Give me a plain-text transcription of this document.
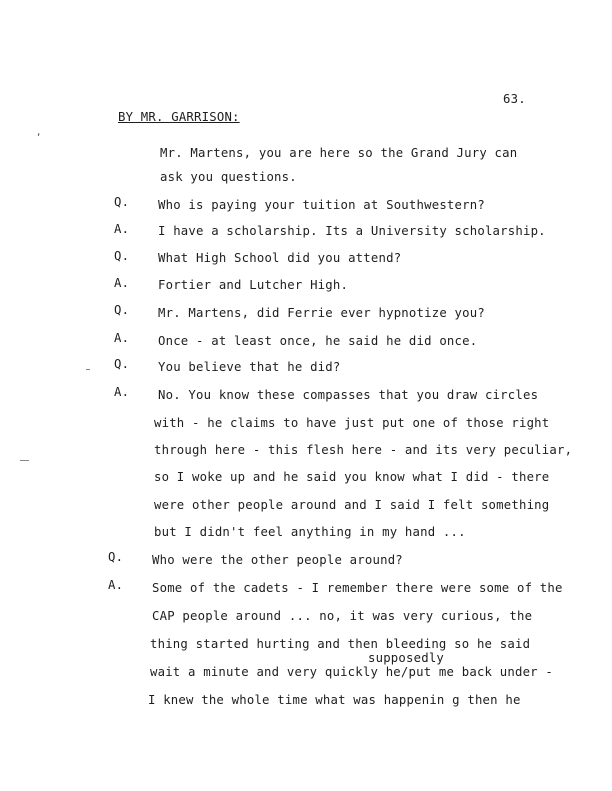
63.
,
BY MR. GARRISON:
Mr. Martens, you are here so the Grand Jury can
ask you questions.
Q. Who is paying your tuition at Southwestern?
A. I have a scholarship. Its a University scholarship.
Q. What High School did you attend?
A. Fortier and Lutcher High.
Q. Mr. Martens, did Ferrie ever hypnotize you?
A. Once - at least once, he said he did once.
Q. You believe that he did?
A. No. You know these compasses that you draw circles
with - he claims to have just put one of those right
through here - this flesh here - and its very peculiar,
so I woke up and he said you know what I did - there
were other people around and I said I felt something
but I didn't feel anything in my hand ...
Q. Who were the other people around?
A. Some of the cadets - I remember there were some of the
CAP people around ... no, it was very curious, the
thing started hurting and then bleeding so he said
supposedly
wait a minute and very quickly he/put me back under -
I knew the whole time what was happenin g then he
